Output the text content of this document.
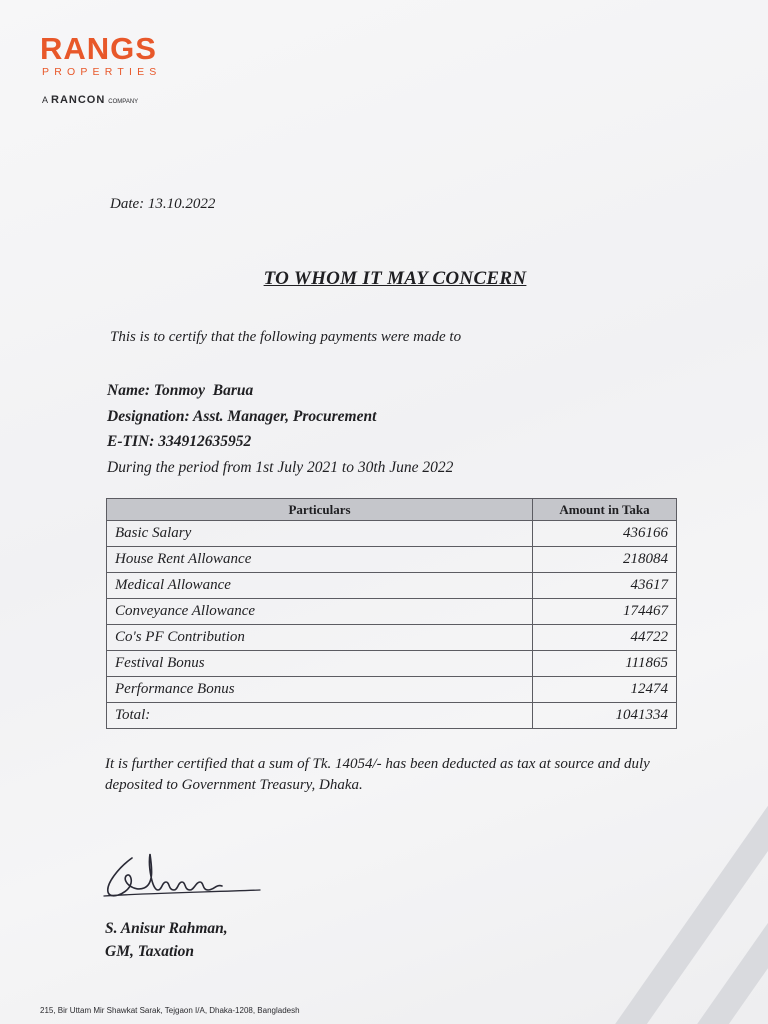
RANGS
PROPERTIES
A RANCON COMPANY
Date: 13.10.2022
TO WHOM IT MAY CONCERN
This is to certify that the following payments were made to
Name: Tonmoy  Barua
Designation: Asst. Manager, Procurement
E-TIN: 334912635952
During the period from 1st July 2021 to 30th June 2022
Particulars	Amount in Taka
Basic Salary	436166
House Rent Allowance	218084
Medical Allowance	43617
Conveyance Allowance	174467
Co's PF Contribution	44722
Festival Bonus	111865
Performance Bonus	12474
Total:	1041334
It is further certified that a sum of Tk. 14054/- has been deducted as tax at source and duly deposited to Government Treasury, Dhaka.
S. Anisur Rahman,
GM, Taxation
215, Bir Uttam Mir Shawkat Sarak, Tejgaon I/A, Dhaka-1208, Bangladesh
